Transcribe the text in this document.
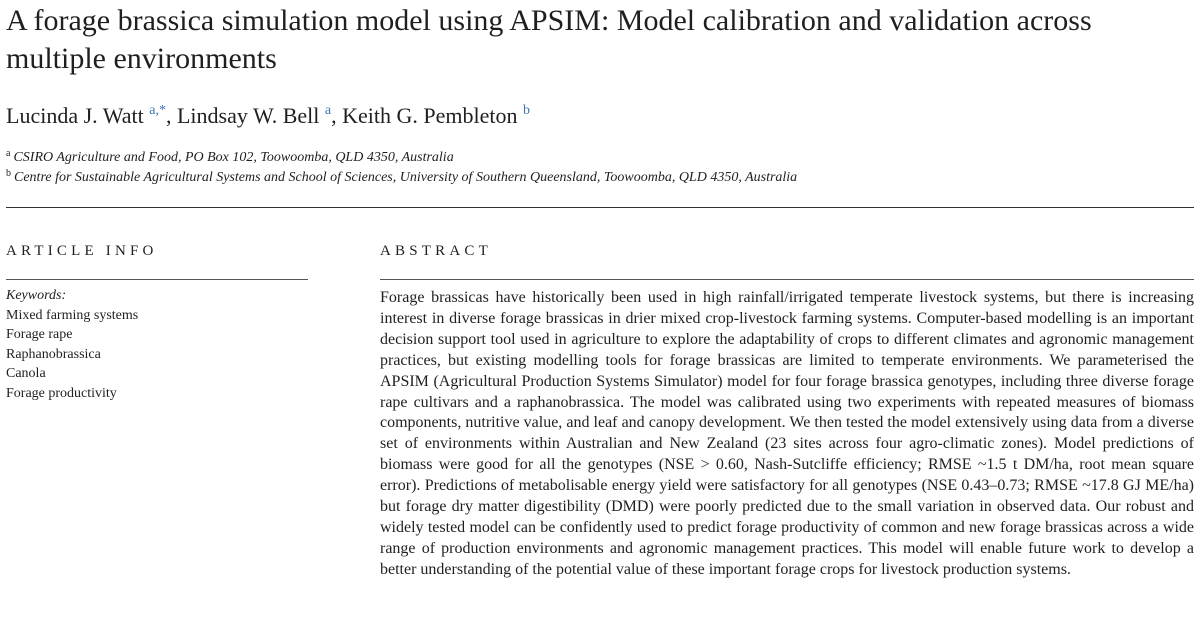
A forage brassica simulation model using APSIM: Model calibration and validation across multiple environments
Lucinda J. Watt $^{a,*}$, Lindsay W. Bell $^a$, Keith G. Pembleton $^b$
$^a$ CSIRO Agriculture and Food, PO Box 102, Toowoomba, QLD 4350, Australia
$^b$ Centre for Sustainable Agricultural Systems and School of Sciences, University of Southern Queensland, Toowoomba, QLD 4350, Australia
ARTICLE INFO	ABSTRACT
Keywords:
Mixed farming systems
Forage rape
Raphanobrassica
Canola
Forage productivity

Forage brassicas have historically been used in high rainfall/irrigated temperate livestock systems, but there is increasing interest in diverse forage brassicas in drier mixed crop-livestock farming systems. Computer-based modelling is an important decision support tool used in agriculture to explore the adaptability of crops to different climates and agronomic management practices, but existing modelling tools for forage brassicas are limited to temperate environments. We parameterised the APSIM (Agricultural Production Systems Simulator) model for four forage brassica genotypes, including three diverse forage rape cultivars and a raphanobrassica. The model was calibrated using two experiments with repeated measures of biomass components, nutritive value, and leaf and canopy development. We then tested the model extensively using data from a diverse set of environments within Australian and New Zealand (23 sites across four agro-climatic zones). Model predictions of biomass were good for all the genotypes (NSE > 0.60, Nash-Sutcliffe efficiency; RMSE ~1.5 t DM/ha, root mean square error). Predictions of metabolisable energy yield were satisfactory for all genotypes (NSE 0.43–0.73; RMSE ~17.8 GJ ME/ha) but forage dry matter digestibility (DMD) were poorly predicted due to the small variation in observed data. Our robust and widely tested model can be confidently used to predict forage productivity of common and new forage brassicas across a wide range of production environments and agronomic management practices. This model will enable future work to develop a better understanding of the potential value of these important forage crops for livestock production systems.
